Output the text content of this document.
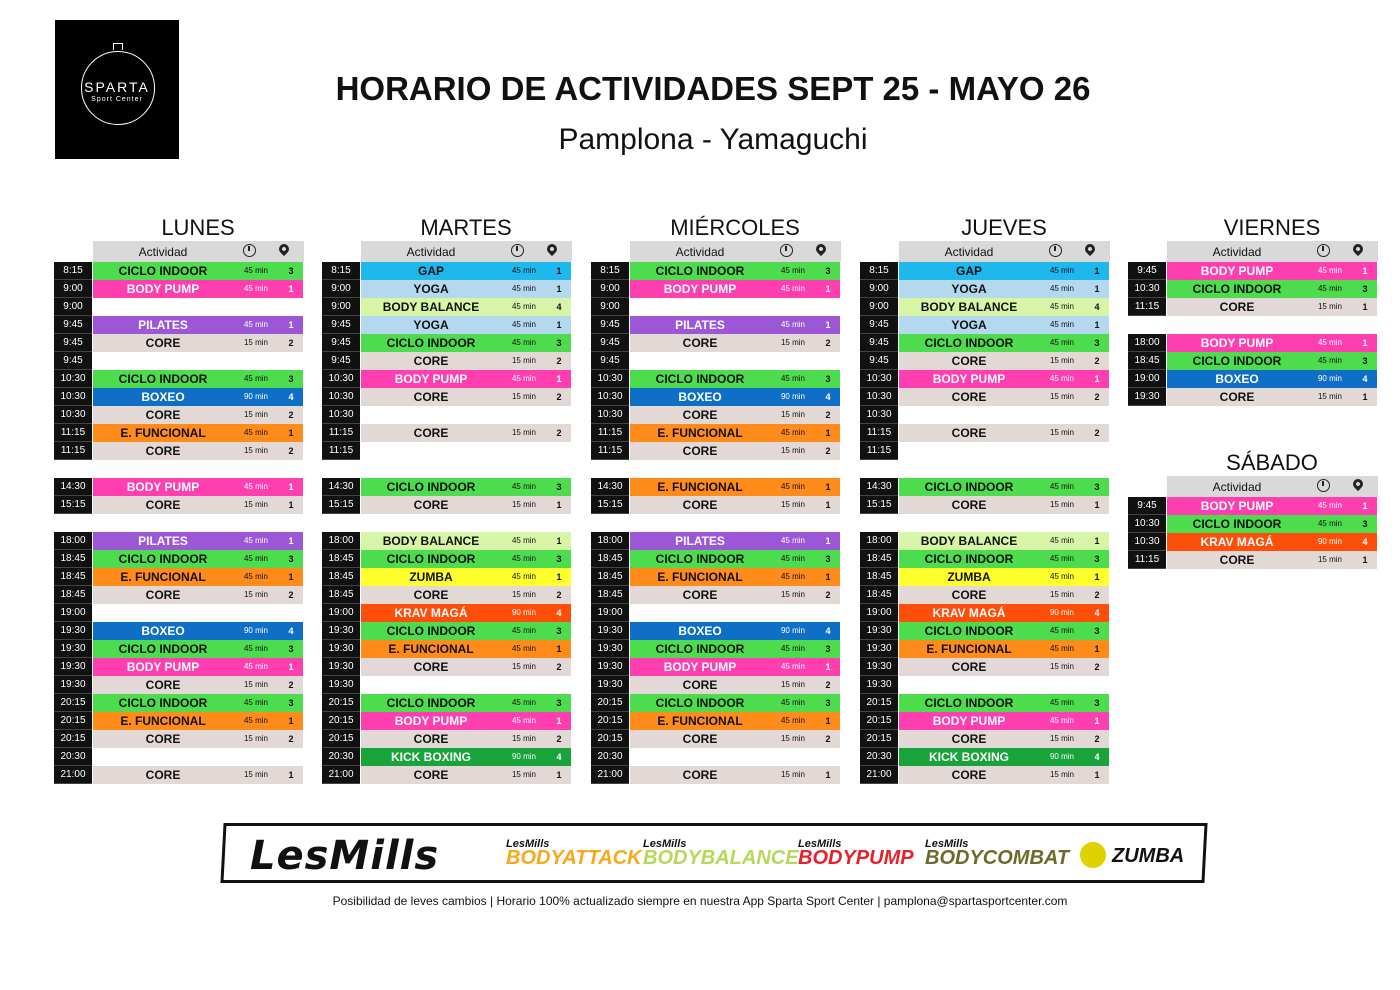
SPARTA
Sport Center	HORARIO DE ACTIVIDADES SEPT 25 - MAYO 26
Pamplona - Yamaguchi
LUNES
Actividad
8:15	CICLO INDOOR	45 min	3
9:00	BODY PUMP	45 min	1
9:00
9:45	PILATES	45 min	1
9:45	CORE	15 min	2
9:45
10:30	CICLO INDOOR	45 min	3
10:30	BOXEO	90 min	4
10:30	CORE	15 min	2
11:15	E. FUNCIONAL	45 min	1
11:15	CORE	15 min	2
14:30	BODY PUMP	45 min	1
15:15	CORE	15 min	1
18:00	PILATES	45 min	1
18:45	CICLO INDOOR	45 min	3
18:45	E. FUNCIONAL	45 min	1
18:45	CORE	15 min	2
19:00
19:30	BOXEO	90 min	4
19:30	CICLO INDOOR	45 min	3
19:30	BODY PUMP	45 min	1
19:30	CORE	15 min	2
20:15	CICLO INDOOR	45 min	3
20:15	E. FUNCIONAL	45 min	1
20:15	CORE	15 min	2
20:30
21:00	CORE	15 min	1
MARTES
Actividad
8:15	GAP	45 min	1
9:00	YOGA	45 min	1
9:00	BODY BALANCE	45 min	4
9:45	YOGA	45 min	1
9:45	CICLO INDOOR	45 min	3
9:45	CORE	15 min	2
10:30	BODY PUMP	45 min	1
10:30	CORE	15 min	2
10:30
11:15	CORE	15 min	2
11:15
14:30	CICLO INDOOR	45 min	3
15:15	CORE	15 min	1
18:00	BODY BALANCE	45 min	1
18:45	CICLO INDOOR	45 min	3
18:45	ZUMBA	45 min	1
18:45	CORE	15 min	2
19:00	KRAV MAGÁ	90 min	4
19:30	CICLO INDOOR	45 min	3
19:30	E. FUNCIONAL	45 min	1
19:30	CORE	15 min	2
19:30
20:15	CICLO INDOOR	45 min	3
20:15	BODY PUMP	45 min	1
20:15	CORE	15 min	2
20:30	KICK BOXING	90 min	4
21:00	CORE	15 min	1
MIÉRCOLES
Actividad
8:15	CICLO INDOOR	45 min	3
9:00	BODY PUMP	45 min	1
9:00
9:45	PILATES	45 min	1
9:45	CORE	15 min	2
9:45
10:30	CICLO INDOOR	45 min	3
10:30	BOXEO	90 min	4
10:30	CORE	15 min	2
11:15	E. FUNCIONAL	45 min	1
11:15	CORE	15 min	2
14:30	E. FUNCIONAL	45 min	1
15:15	CORE	15 min	1
18:00	PILATES	45 min	1
18:45	CICLO INDOOR	45 min	3
18:45	E. FUNCIONAL	45 min	1
18:45	CORE	15 min	2
19:00
19:30	BOXEO	90 min	4
19:30	CICLO INDOOR	45 min	3
19:30	BODY PUMP	45 min	1
19:30	CORE	15 min	2
20:15	CICLO INDOOR	45 min	3
20:15	E. FUNCIONAL	45 min	1
20:15	CORE	15 min	2
20:30
21:00	CORE	15 min	1
JUEVES
Actividad
8:15	GAP	45 min	1
9:00	YOGA	45 min	1
9:00	BODY BALANCE	45 min	4
9:45	YOGA	45 min	1
9:45	CICLO INDOOR	45 min	3
9:45	CORE	15 min	2
10:30	BODY PUMP	45 min	1
10:30	CORE	15 min	2
10:30
11:15	CORE	15 min	2
11:15
14:30	CICLO INDOOR	45 min	3
15:15	CORE	15 min	1
18:00	BODY BALANCE	45 min	1
18:45	CICLO INDOOR	45 min	3
18:45	ZUMBA	45 min	1
18:45	CORE	15 min	2
19:00	KRAV MAGÁ	90 min	4
19:30	CICLO INDOOR	45 min	3
19:30	E. FUNCIONAL	45 min	1
19:30	CORE	15 min	2
19:30
20:15	CICLO INDOOR	45 min	3
20:15	BODY PUMP	45 min	1
20:15	CORE	15 min	2
20:30	KICK BOXING	90 min	4
21:00	CORE	15 min	1
VIERNES
Actividad
9:45	BODY PUMP	45 min	1
10:30	CICLO INDOOR	45 min	3
11:15	CORE	15 min	1
18:00	BODY PUMP	45 min	1
18:45	CICLO INDOOR	45 min	3
19:00	BOXEO	90 min	4
19:30	CORE	15 min	1
SÁBADO
Actividad
9:45	BODY PUMP	45 min	1
10:30	CICLO INDOOR	45 min	3
10:30	KRAV MAGÁ	90 min	4
11:15	CORE	15 min	1
LesMills	LesMills
BODYATTACK
LesMills
BODYBALANCE
LesMills
BODYPUMP
LesMills
BODYCOMBAT ZUMBA
Posibilidad de leves cambios | Horario 100% actualizado siempre en nuestra App Sparta Sport Center | pamplona@spartasportcenter.com
